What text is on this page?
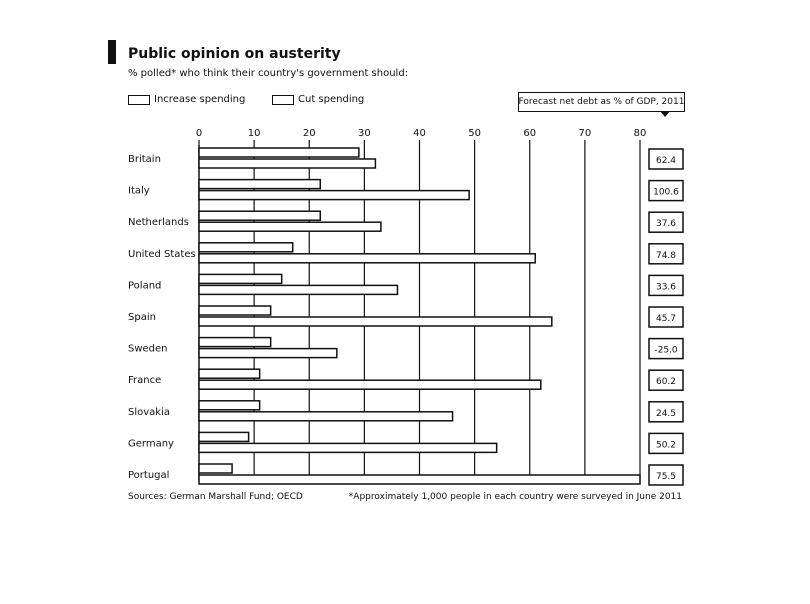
Public opinion on austerity
% polled* who think their country's government should:
Increase spending	Cut spending	Forecast net debt as % of GDP, 2011
0	10	20	30	40	50	60	70	80
Britain	62.4
Italy	100.6
Netherlands	37.6
United States	74.8
Poland	33.6
Spain	45.7
Sweden	-25.0
France	60.2
Slovakia	24.5
Germany	50.2
Portugal	75.5
Sources: German Marshall Fund; OECD	*Approximately 1,000 people in each country were surveyed in June 2011
